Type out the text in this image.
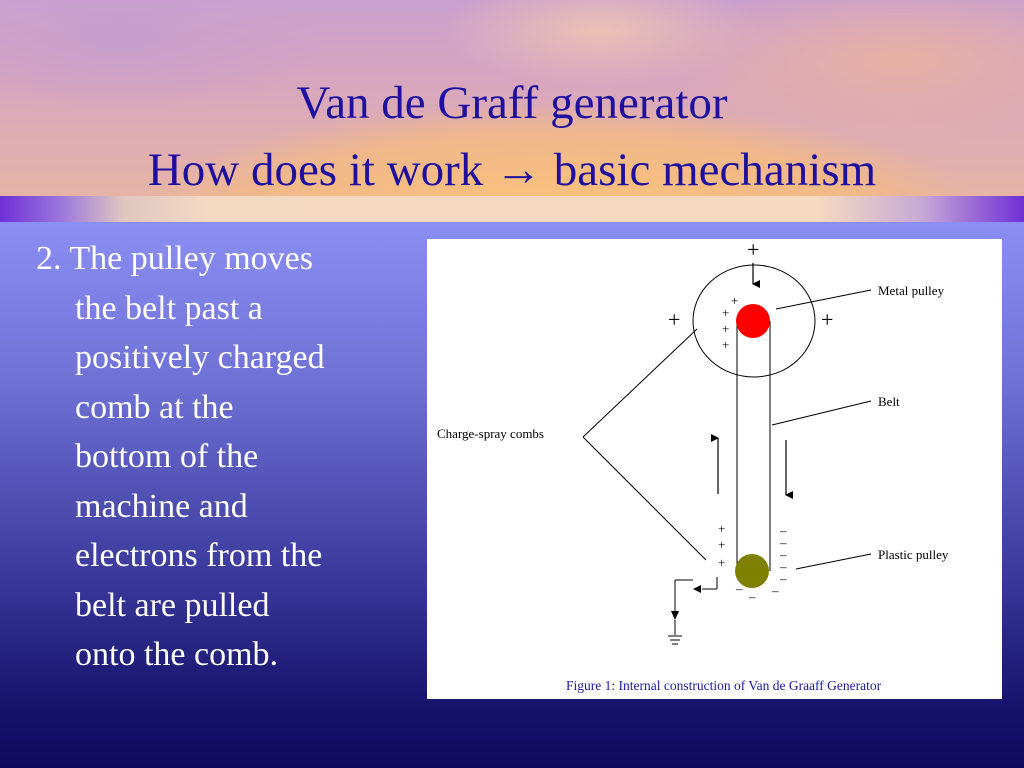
Van de Graff generator
How does it work → basic mechanism
2. The pulley moves
the belt past a
positively charged
comb at the
bottom of the
machine and
electrons from the
belt are pulled
onto the comb.
+
+	+
+
+
+
+
Metal pulley
Belt
Charge-spray combs
+
+
+
–
–
–
–
–
–
–
–
Plastic pulley
Figure 1: Internal construction of Van de Graaff Generator
